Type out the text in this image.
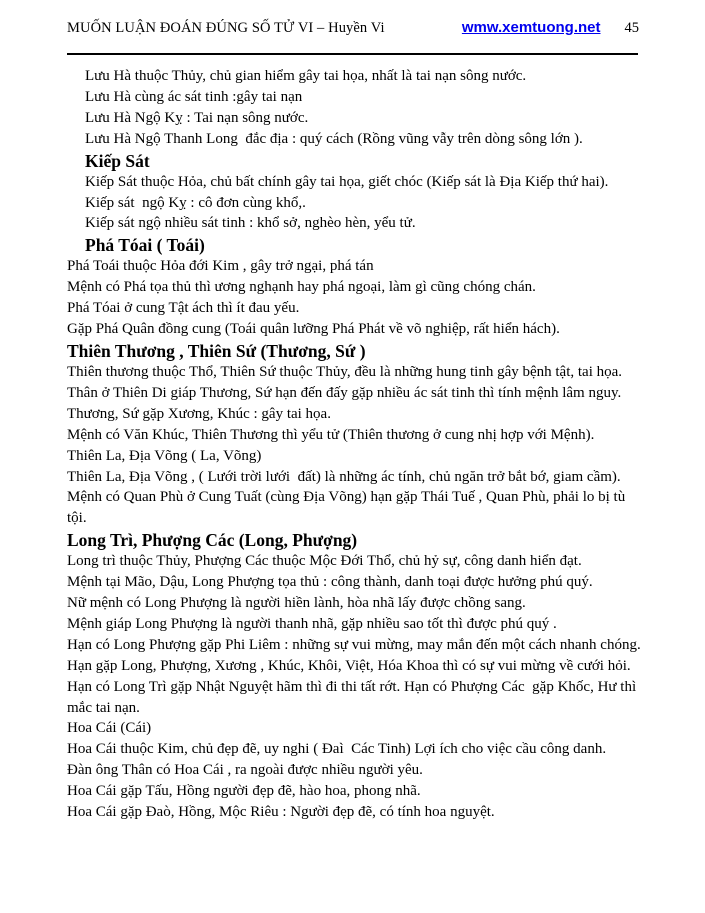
MUỐN LUẬN ĐOÁN ĐÚNG SỐ TỬ VI – Huyền Vi	wmw.xemtuong.net 45
Lưu Hà thuộc Thủy, chủ gian hiểm gây tai họa, nhất là tai nạn sông nước.
Lưu Hà cùng ác sát tinh :gây tai nạn
Lưu Hà Ngộ Kỵ : Tai nạn sông nước.
Lưu Hà Ngộ Thanh Long  đắc địa : quý cách (Rồng vũng vẫy trên dòng sông lớn ).
Kiếp Sát
Kiếp Sát thuộc Hỏa, chủ bất chính gây tai họa, giết chóc (Kiếp sát là Địa Kiếp thứ hai).
Kiếp sát  ngộ Kỵ : cô đơn cùng khổ,.
Kiếp sát ngộ nhiều sát tinh : khổ sở, nghèo hèn, yểu tử.
Phá Tóai ( Toái)
Phá Toái thuộc Hỏa đới Kim , gây trở ngại, phá tán
Mệnh có Phá tọa thủ thì ương nghạnh hay phá ngoại, làm gì cũng chóng chán.
Phá Tóai ở cung Tật ách thì ít đau yếu.
Gặp Phá Quân đồng cung (Toái quân lưỡng Phá Phát về võ nghiệp, rất hiển hách).
Thiên Thương , Thiên Sứ (Thương, Sứ )
Thiên thương thuộc Thổ, Thiên Sứ thuộc Thủy, đều là những hung tinh gây bệnh tật, tai họa.
Thân ở Thiên Di giáp Thương, Sứ hạn đến đấy gặp nhiều ác sát tinh thì tính mệnh lâm nguy.
Thương, Sứ gặp Xương, Khúc : gây tai họa.
Mệnh có Văn Khúc, Thiên Thương thì yểu tử (Thiên thương ở cung nhị hợp với Mệnh).
Thiên La, Địa Võng ( La, Võng)
Thiên La, Địa Võng , ( Lưới trời lưới  đất) là những ác tính, chủ ngăn trở bắt bớ, giam cầm).
Mệnh có Quan Phù ở Cung Tuất (cùng Địa Võng) hạn gặp Thái Tuế , Quan Phù, phải lo bị tù tội.
Long Trì, Phượng Các (Long, Phượng)
Long trì thuộc Thủy, Phượng Các thuộc Mộc Đới Thổ, chủ hỷ sự, công danh hiển đạt.
Mệnh tại Mão, Dậu, Long Phượng tọa thủ : công thành, danh toại được hưởng phú quý.
Nữ mệnh có Long Phượng là người hiền lành, hòa nhã lấy được chồng sang.
Mệnh giáp Long Phượng là người thanh nhã, gặp nhiều sao tốt thì được phú quý .
Hạn có Long Phượng gặp Phi Liêm : những sự vui mừng, may mắn đến một cách nhanh chóng.
Hạn gặp Long, Phượng, Xương , Khúc, Khôi, Việt, Hóa Khoa thì có sự vui mừng về cưới hỏi.
Hạn có Long Trì gặp Nhật Nguyệt hãm thì đi thi tất rớt. Hạn có Phượng Các  gặp Khốc, Hư thì mắc tai nạn.
Hoa Cái (Cái)
Hoa Cái thuộc Kim, chủ đẹp đẽ, uy nghi ( Đaì  Các Tinh) Lợi ích cho việc cầu công danh.
Đàn ông Thân có Hoa Cái , ra ngoài được nhiều người yêu.
Hoa Cái gặp Tấu, Hồng người đẹp đẽ, hào hoa, phong nhã.
Hoa Cái gặp Đaò, Hồng, Mộc Riêu : Người đẹp đẽ, có tính hoa nguyệt.
